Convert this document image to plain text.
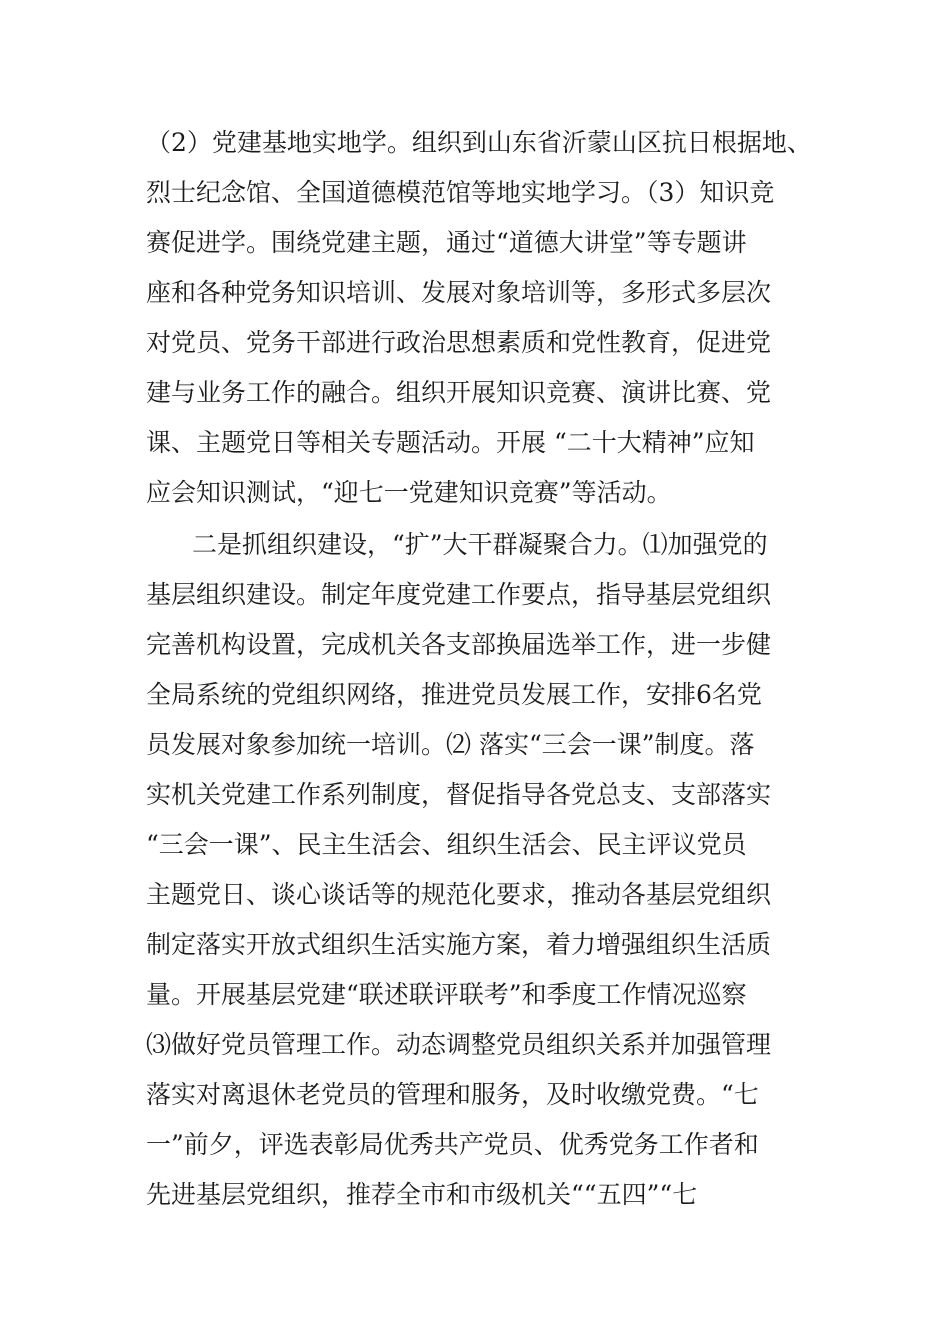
（2）党建基地实地学。组织到山东省沂蒙山区抗日根据地、
烈士纪念馆、全国道德模范馆等地实地学习。（3）知识竞
赛促进学。围绕党建主题，通过“道德大讲堂”等专题讲
座和各种党务知识培训、发展对象培训等，多形式多层次
对党员、党务干部进行政治思想素质和党性教育，促进党
建与业务工作的融合。组织开展知识竞赛、演讲比赛、党
课、主题党日等相关专题活动。开展 “二十大精神”应知
应会知识测试，“迎七一党建知识竞赛”等活动。
二是抓组织建设，“扩”大干群凝聚合力。⑴加强党的
基层组织建设。制定年度党建工作要点，指导基层党组织
完善机构设置，完成机关各支部换届选举工作，进一步健
全局系统的党组织网络，推进党员发展工作，安排6名党
员发展对象参加统一培训。⑵ 落实“三会一课”制度。落
实机关党建工作系列制度，督促指导各党总支、支部落实
“三会一课”、民主生活会、组织生活会、民主评议党员
主题党日、谈心谈话等的规范化要求，推动各基层党组织
制定落实开放式组织生活实施方案，着力增强组织生活质
量。开展基层党建“联述联评联考”和季度工作情况巡察
⑶做好党员管理工作。动态调整党员组织关系并加强管理
落实对离退休老党员的管理和服务，及时收缴党费。“七
一”前夕，评选表彰局优秀共产党员、优秀党务工作者和
先进基层党组织，推荐全市和市级机关““五四”“七
